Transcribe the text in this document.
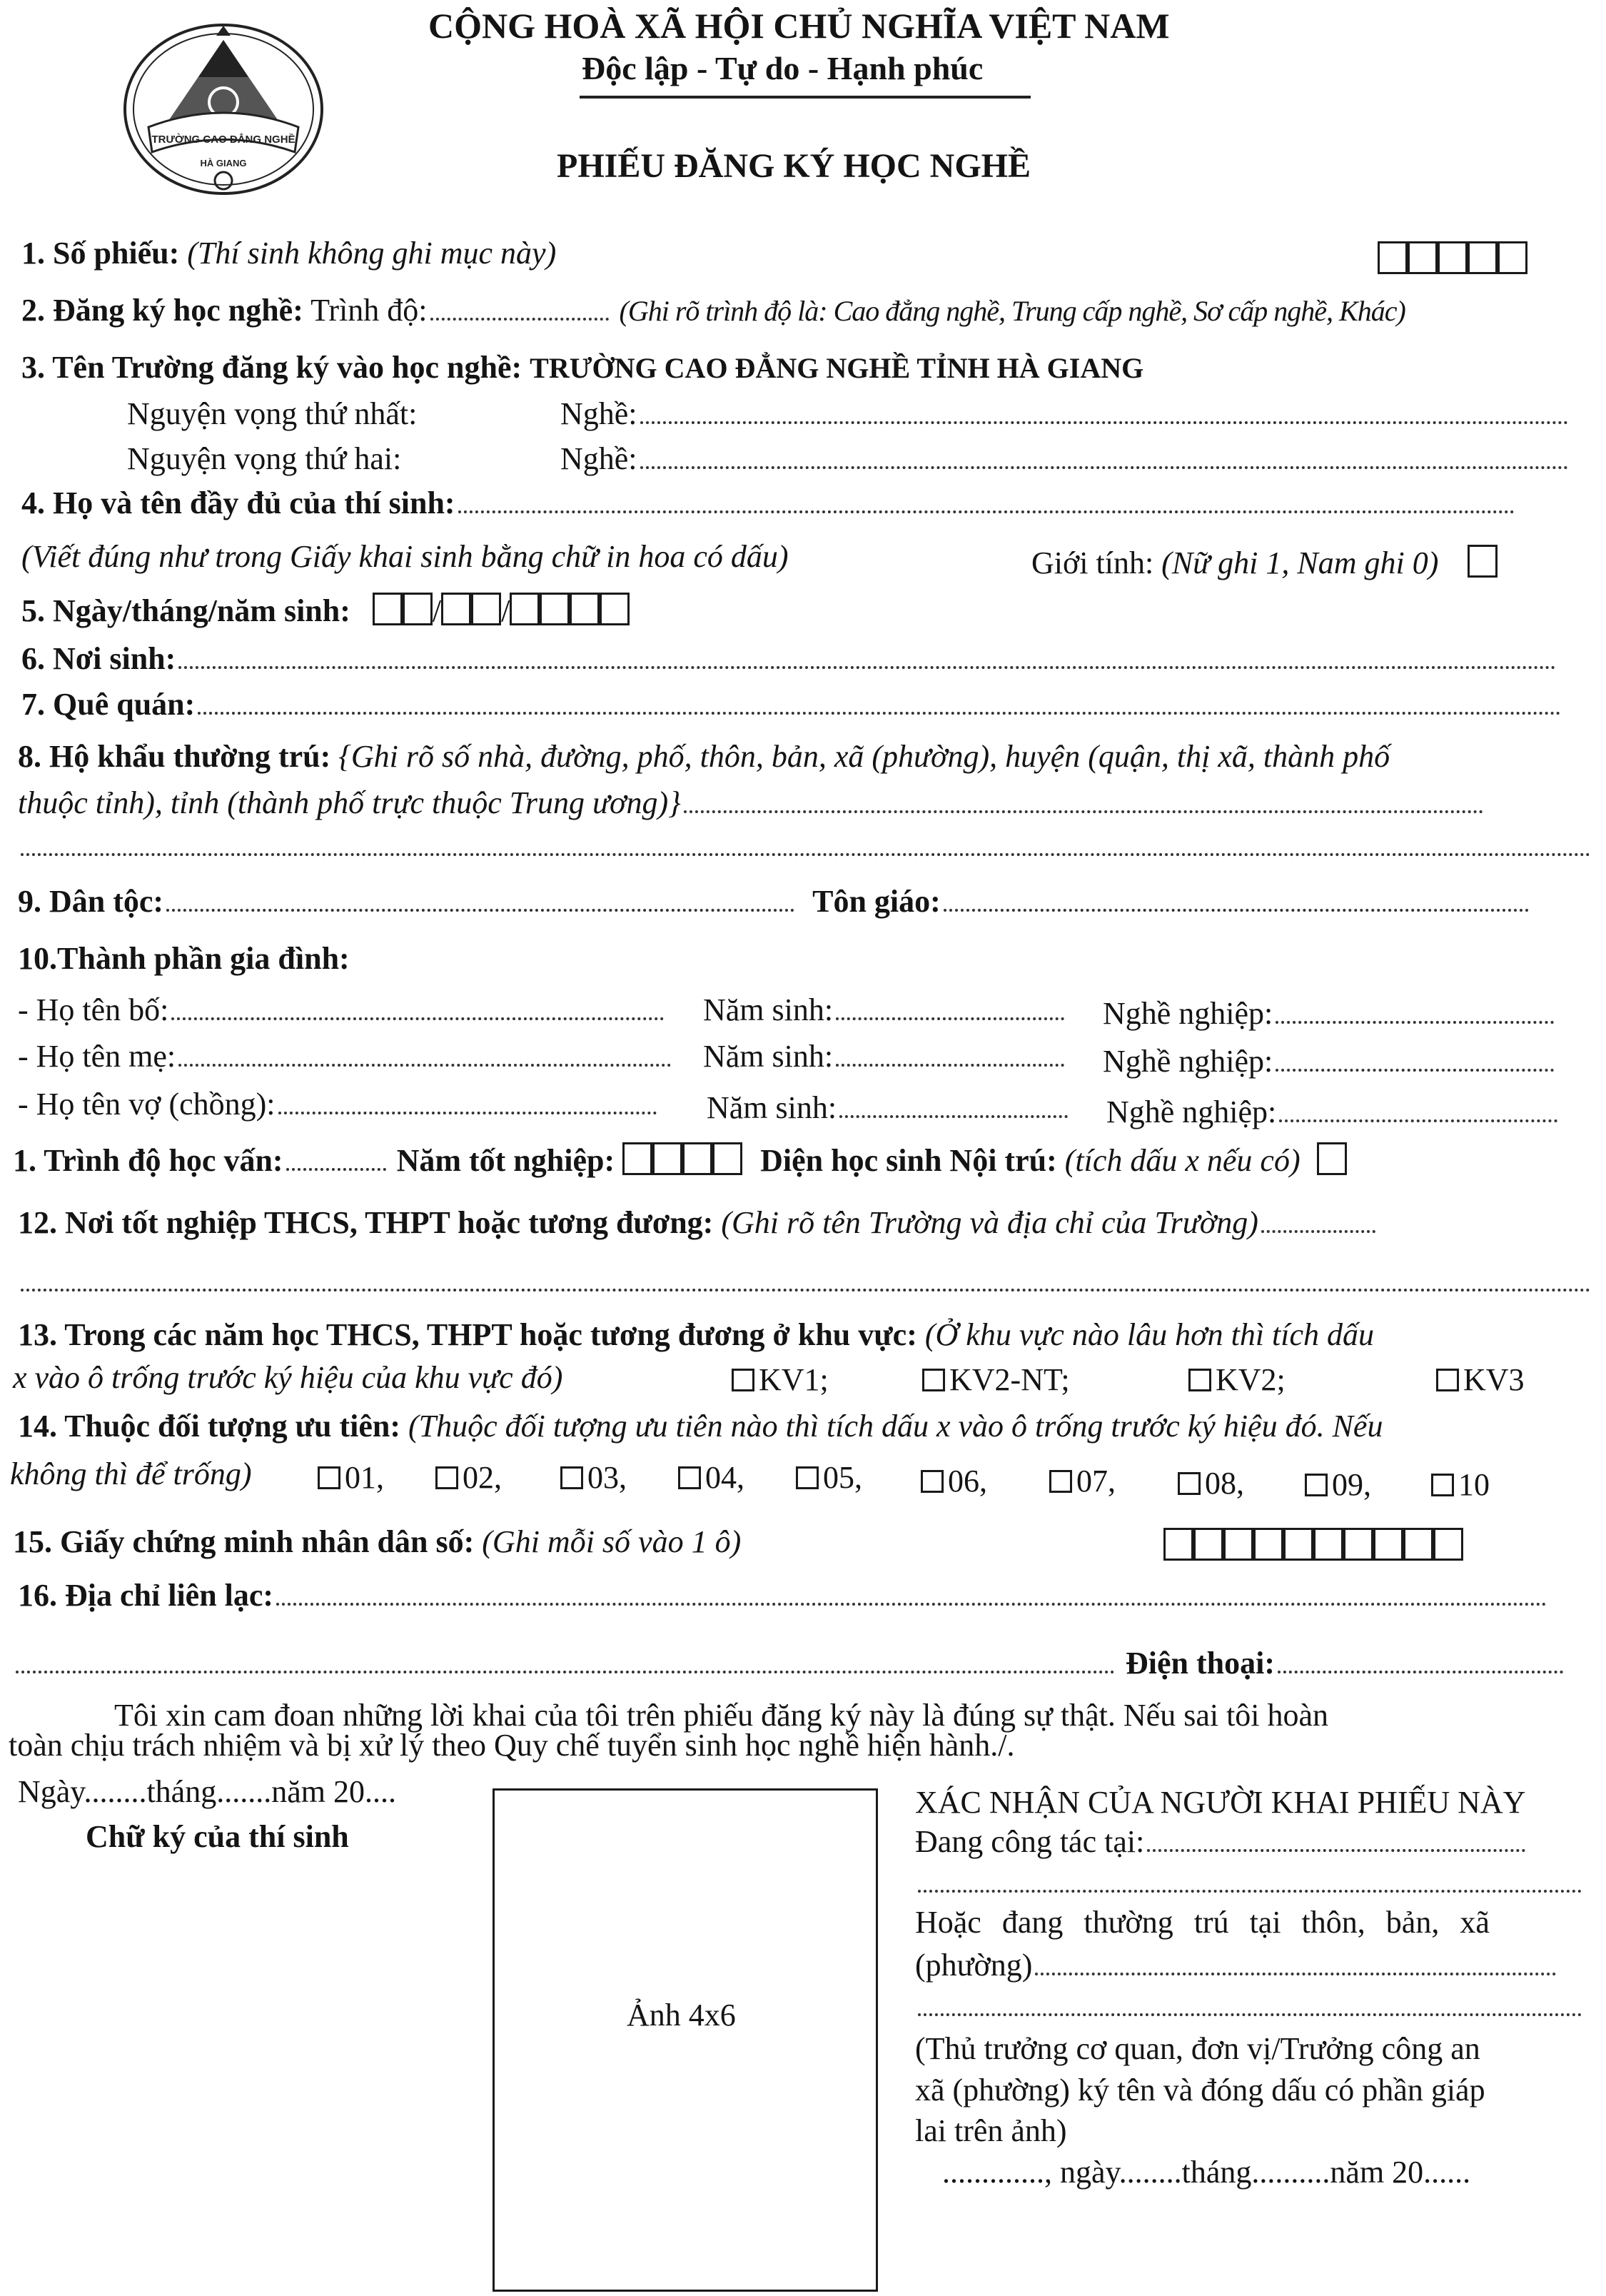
TRƯỜNG CAO ĐẲNG NGHỀ
HÀ GIANG
CỘNG HOÀ XÃ HỘI CHỦ NGHĨA VIỆT NAM
Độc lập - Tự do - Hạnh phúc
PHIẾU ĐĂNG KÝ HỌC NGHỀ
1. Số phiếu: (Thí sinh không ghi mục này)
2. Đăng ký học nghề: Trình độ:	(Ghi rõ trình độ là: Cao đẳng nghề, Trung cấp nghề, Sơ cấp nghề, Khác)
3. Tên Trường đăng ký vào học nghề: TRƯỜNG CAO ĐẲNG NGHỀ TỈNH HÀ GIANG
Nguyện vọng thứ nhất:	Nghề:
Nguyện vọng thứ hai:	Nghề:
4. Họ và tên đầy đủ của thí sinh:
(Viết đúng như trong Giấy khai sinh bằng chữ in hoa có dấu)	Giới tính: (Nữ ghi 1, Nam ghi 0)
5. Ngày/tháng/năm sinh:	/ /
6. Nơi sinh:
7. Quê quán:
8. Hộ khẩu thường trú: {Ghi rõ số nhà, đường, phố, thôn, bản, xã (phường), huyện (quận, thị xã, thành phố
thuộc tỉnh), tỉnh (thành phố trực thuộc Trung ương)}
9. Dân tộc:	Tôn giáo:
10.Thành phần gia đình:
- Họ tên bố:	Năm sinh:	Nghề nghiệp:
- Họ tên mẹ:	Năm sinh:	Nghề nghiệp:
- Họ tên vợ (chồng):	Năm sinh:	Nghề nghiệp:
1. Trình độ học vấn:	Năm tốt nghiệp:	Diện học sinh Nội trú: (tích dấu x nếu có)
12. Nơi tốt nghiệp THCS, THPT hoặc tương đương: (Ghi rõ tên Trường và địa chỉ của Trường)
13. Trong các năm học THCS, THPT hoặc tương đương ở khu vực: (Ở khu vực nào lâu hơn thì tích dấu
x vào ô trống trước ký hiệu của khu vực đó)	KV1;	KV2-NT;	KV2;	KV3
14. Thuộc đối tượng ưu tiên: (Thuộc đối tượng ưu tiên nào thì tích dấu x vào ô trống trước ký hiệu đó. Nếu
không thì để trống)	01,	02,	03,	04,	05,	06,	07,	08,	09,	10
15. Giấy chứng minh nhân dân số: (Ghi mỗi số vào 1 ô)
16. Địa chỉ liên lạc:
Điện thoại:
Tôi xin cam đoan những lời khai của tôi trên phiếu đăng ký này là đúng sự thật. Nếu sai tôi hoàn
toàn chịu trách nhiệm và bị xử lý theo Quy chế tuyển sinh học nghề hiện hành./.
Ngày........tháng.......năm 20....
Chữ ký của thí sinh
Ảnh 4x6
XÁC NHẬN CỦA NGƯỜI KHAI PHIẾU NÀY
Đang công tác tại:
Hoặc đang thường trú tại thôn, bản, xã
(phường)
(Thủ trưởng cơ quan, đơn vị/Trưởng công an
xã (phường) ký tên và đóng dấu có phần giáp
lai trên ảnh)
............., ngày........tháng..........năm 20......
